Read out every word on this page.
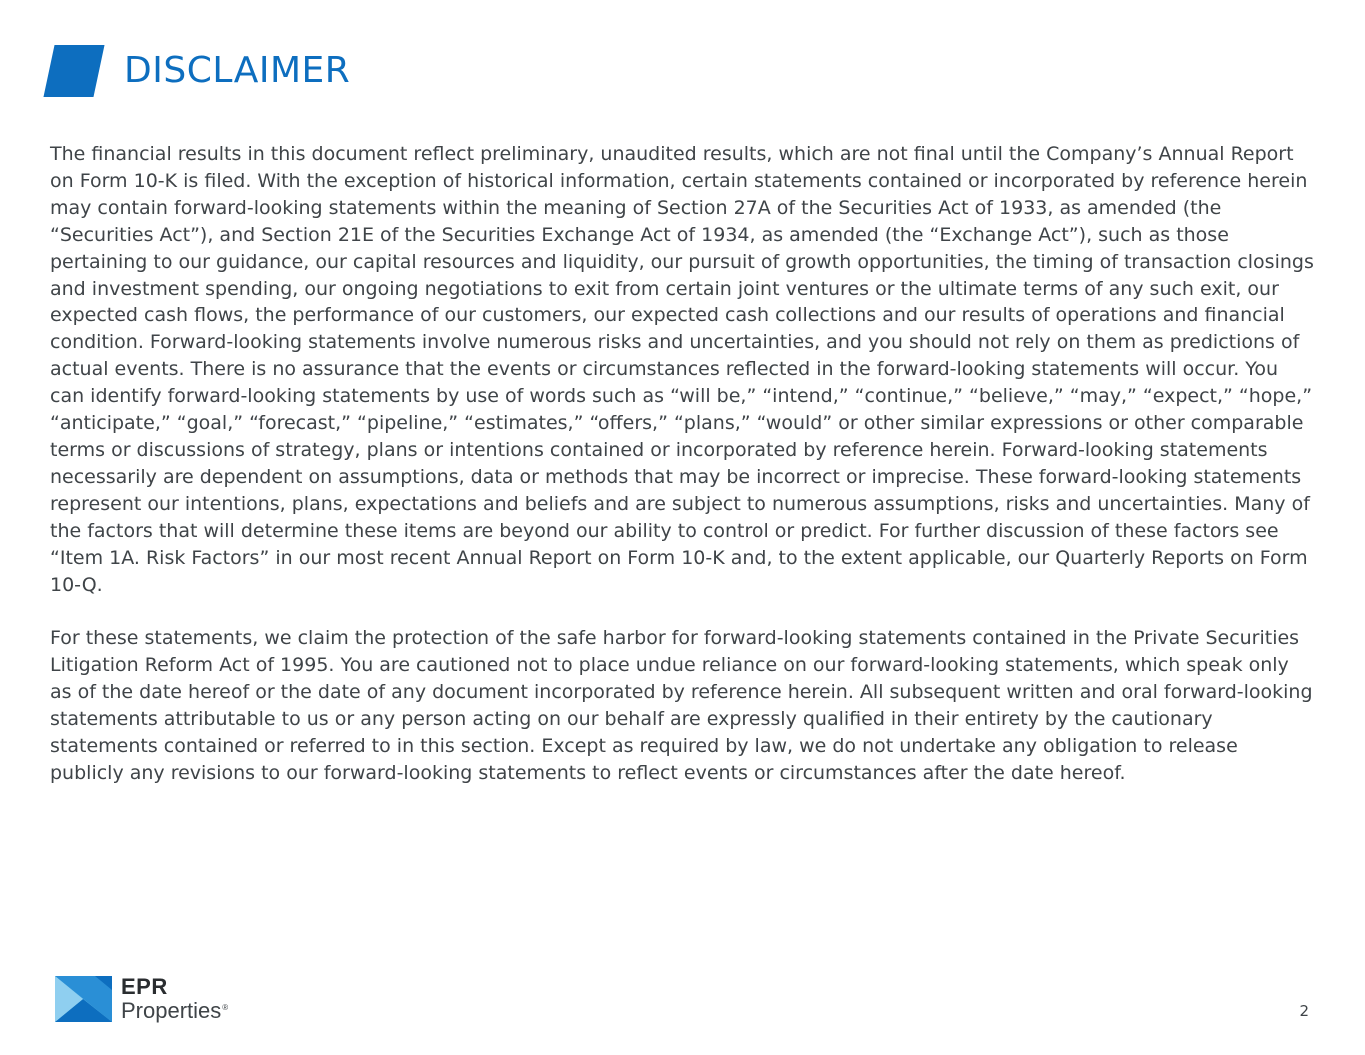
DISCLAIMER

The financial results in this document reflect preliminary, unaudited results, which are not final until the Company’s Annual Report on Form 10-K is filed. With the exception of historical information, certain statements contained or incorporated by reference herein may contain forward-looking statements within the meaning of Section 27A of the Securities Act of 1933, as amended (the “Securities Act”), and Section 21E of the Securities Exchange Act of 1934, as amended (the “Exchange Act”), such as those pertaining to our guidance, our capital resources and liquidity, our pursuit of growth opportunities, the timing of transaction closings and investment spending, our ongoing negotiations to exit from certain joint ventures or the ultimate terms of any such exit, our expected cash flows, the performance of our customers, our expected cash collections and our results of operations and financial condition. Forward-looking statements involve numerous risks and uncertainties, and you should not rely on them as predictions of actual events. There is no assurance that the events or circumstances reflected in the forward-looking statements will occur. You can identify forward-looking statements by use of words such as “will be,” “intend,” “continue,” “believe,” “may,” “expect,” “hope,” “anticipate,” “goal,” “forecast,” “pipeline,” “estimates,” “offers,” “plans,” “would” or other similar expressions or other comparable terms or discussions of strategy, plans or intentions contained or incorporated by reference herein. Forward-looking statements necessarily are dependent on assumptions, data or methods that may be incorrect or imprecise. These forward-looking statements represent our intentions, plans, expectations and beliefs and are subject to numerous assumptions, risks and uncertainties. Many of the factors that will determine these items are beyond our ability to control or predict. For further discussion of these factors see “Item 1A. Risk Factors” in our most recent Annual Report on Form 10-K and, to the extent applicable, our Quarterly Reports on Form 10-Q.

For these statements, we claim the protection of the safe harbor for forward-looking statements contained in the Private Securities Litigation Reform Act of 1995. You are cautioned not to place undue reliance on our forward-looking statements, which speak only as of the date hereof or the date of any document incorporated by reference herein. All subsequent written and oral forward-looking statements attributable to us or any person acting on our behalf are expressly qualified in their entirety by the cautionary statements contained or referred to in this section. Except as required by law, we do not undertake any obligation to release publicly any revisions to our forward-looking statements to reflect events or circumstances after the date hereof.

EPR
Properties®	2
